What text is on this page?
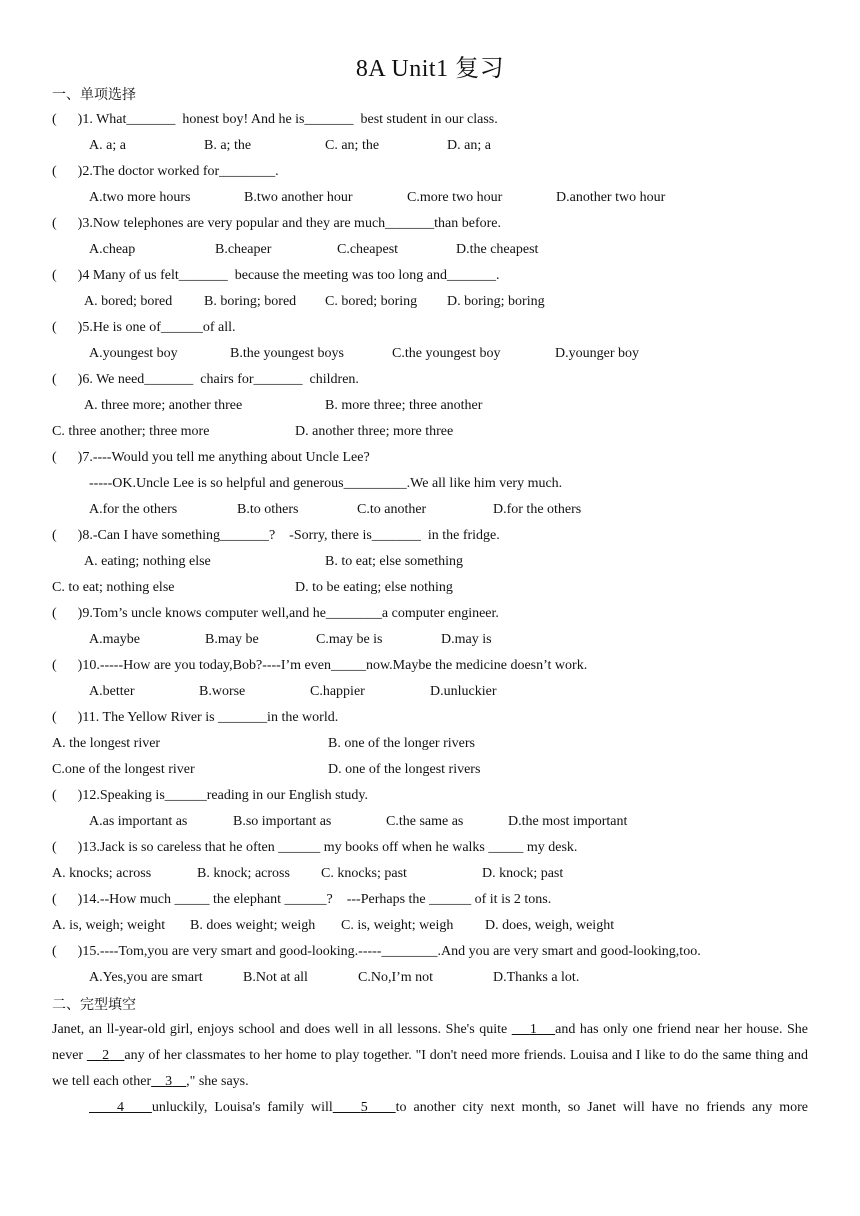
8A Unit1 复习
一、单项选择
(      )1. What_______  honest boy! And he is_______  best student in our class.
A. a; a	B. a; the	C. an; the	D. an; a
(      )2.The doctor worked for________.
A.two more hours	B.two another hour	C.more two hour	D.another two hour
(      )3.Now telephones are very popular and they are much_______than before.
A.cheap	B.cheaper	C.cheapest	D.the cheapest
(      )4 Many of us felt_______  because the meeting was too long and_______.
A. bored; bored B. boring; bored C. bored; boring D. boring; boring
(      )5.He is one of______of all.
A.youngest boy	B.the youngest boys	C.the youngest boy	D.younger boy
(      )6. We need_______  chairs for_______  children.
A. three more; another three	B. more three; three another
C. three another; three more	D. another three; more three
(      )7.----Would you tell me anything about Uncle Lee?
-----OK.Uncle Lee is so helpful and generous_________.We all like him very much.
A.for the others	B.to others	C.to another	D.for the others
(      )8.-Can I have something_______?    -Sorry, there is_______  in the fridge.
A. eating; nothing else	B. to eat; else something
C. to eat; nothing else	D. to be eating; else nothing
(      )9.Tom’s uncle knows computer well,and he________a computer engineer.
A.maybe	B.may be	C.may be is	D.may is
(      )10.-----How are you today,Bob?----I’m even_____now.Maybe the medicine doesn’t work.
A.better	B.worse	C.happier	D.unluckier
(      )11. The Yellow River is _______in the world.
A. the longest river	B. one of the longer rivers
C.one of the longest river	D. one of the longest rivers
(      )12.Speaking is______reading in our English study.
A.as important as	B.so important as	C.the same as	D.the most important
(      )13.Jack is so careless that he often ______ my books off when he walks _____ my desk.
A. knocks; across	B. knock; across C. knocks; past	D. knock; past
(      )14.--How much _____ the elephant ______?    ---Perhaps the ______ of it is 2 tons.
A. is, weigh; weight B. does weight; weigh C. is, weight; weigh D. does, weigh, weight
(      )15.----Tom,you are very smart and good-looking.-----________.And you are very smart and good-looking,too.
A.Yes,you are smart	B.Not at all	C.No,I’m not	D.Thanks a lot.
二、完型填空
Janet, an ll-year-old girl, enjoys school and does well in all lessons. She's quite     1 and has only one friend near her house. She never     2 any of her classmates to her home to play together. "I don't need more friends. Louisa and I like to do the same thing and we tell each other 3 ," she says.
4 unluckily, Louisa's family will 5 to another city next month, so Janet will have no friends any more
